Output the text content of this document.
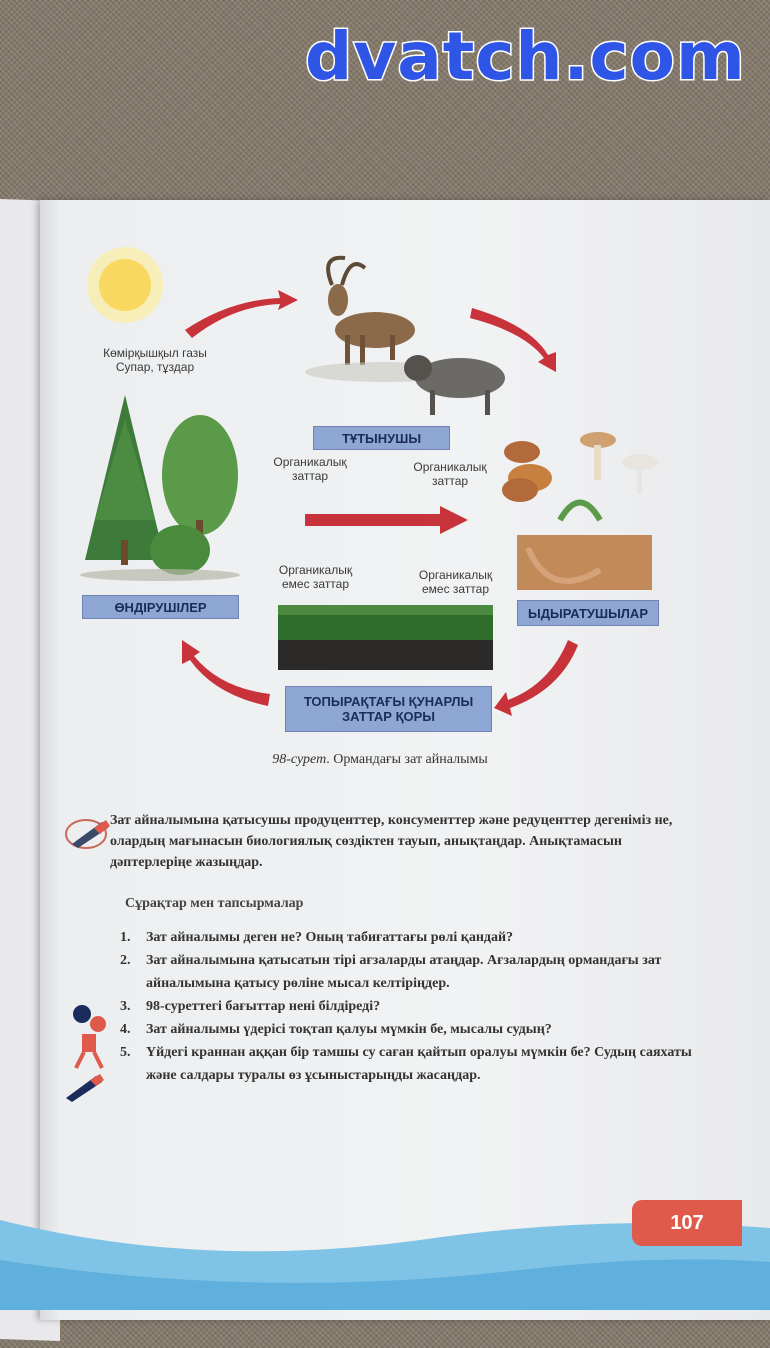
Көмірқышқыл газы
Супар, тұздар
ТҰТЫНУШЫ
Органикалық
заттар
Органикалық
заттар
Органикалық
емес заттар
Органикалық
емес заттар
ӨНДІРУШІЛЕР	ЫДЫРАТУШЫЛАР
ТОПЫРАҚТАҒЫ ҚУНАРЛЫ
ЗАТТАР ҚОРЫ
98-сурет. Ормандағы зат айналымы
Зат айналымына қатысушы продуценттер, консументтер және редуценттер дегеніміз не, олардың мағынасын биологиялық сөздіктен тауып, анықтаңдар. Анықтамасын дәптерлеріңе жазыңдар.
Сұрақтар мен тапсырмалар
1.	Зат айналымы деген не? Оның табиғаттағы рөлі қандай?
2.	Зат айналымына қатысатын тірі ағзаларды атаңдар. Ағзалардың ормандағы зат айналымына қатысу рөліне мысал келтіріңдер.
3.	98-суреттегі бағыттар нені білдіреді?
4.	Зат айналымы үдерісі тоқтап қалуы мүмкін бе, мысалы судың?
5.	Үйдегі краннан аққан бір тамшы су саған қайтып оралуы мүмкін бе? Судың саяхаты және салдары туралы өз ұсыныстарыңды жасаңдар.
107
dvatch.com
